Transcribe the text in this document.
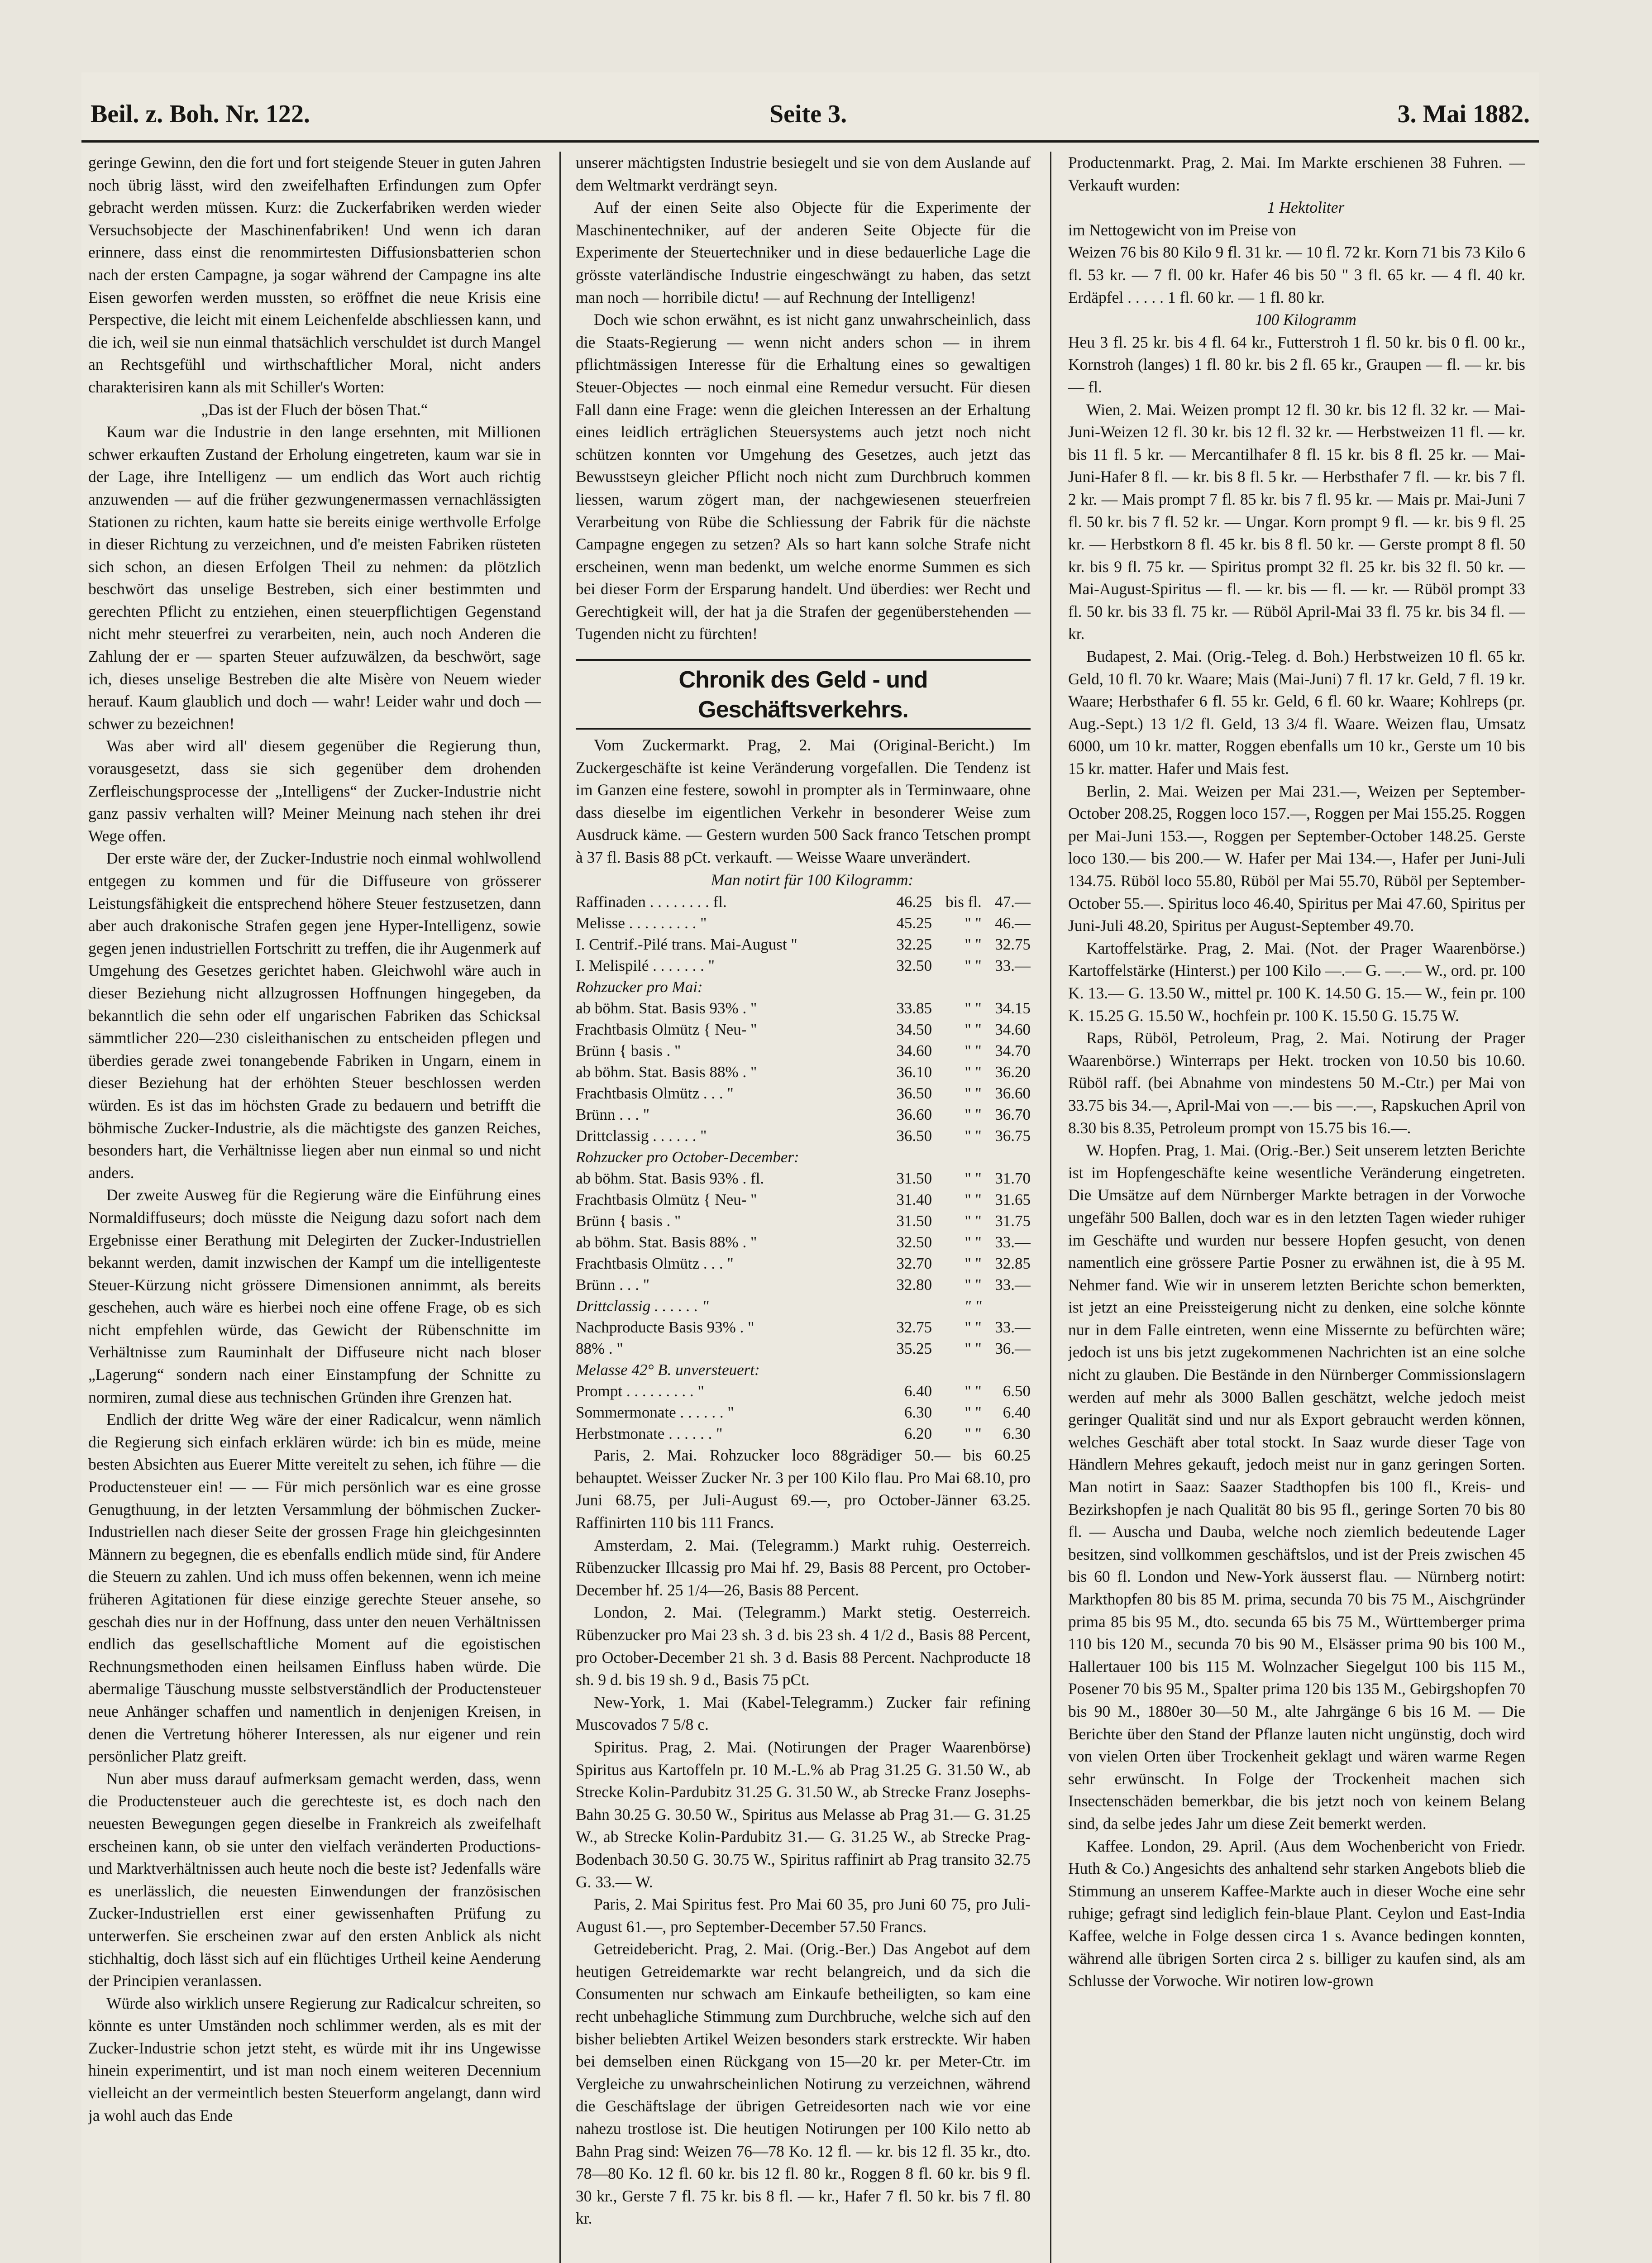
Beil. z. Boh. Nr. 122.	Seite 3.	3. Mai 1882.

geringe Gewinn, den die fort und fort steigende Steuer in guten Jahren noch übrig lässt, wird den zweifelhaften Erfindungen zum Opfer gebracht werden müssen. Kurz: die Zuckerfabriken werden wieder Versuchsobjecte der Maschinenfabriken! Und wenn ich daran erinnere, dass einst die renommirtesten Diffusionsbatterien schon nach der ersten Campagne, ja sogar während der Campagne ins alte Eisen geworfen werden mussten, so eröffnet die neue Krisis eine Perspective, die leicht mit einem Leichenfelde abschliessen kann, und die ich, weil sie nun einmal thatsächlich verschuldet ist durch Mangel an Rechtsgefühl und wirthschaftlicher Moral, nicht anders charakterisiren kann als mit Schiller's Worten:

„Das ist der Fluch der bösen That.“

Kaum war die Industrie in den lange ersehnten, mit Millionen schwer erkauften Zustand der Erholung eingetreten, kaum war sie in der Lage, ihre Intelligenz — um endlich das Wort auch richtig anzuwenden — auf die früher gezwungenermassen vernachlässigten Stationen zu richten, kaum hatte sie bereits einige werthvolle Erfolge in dieser Richtung zu verzeichnen, und d'e meisten Fabriken rüsteten sich schon, an diesen Erfolgen Theil zu nehmen: da plötzlich beschwört das unselige Bestreben, sich einer bestimmten und gerechten Pflicht zu entziehen, einen steuerpflichtigen Gegenstand nicht mehr steuerfrei zu verarbeiten, nein, auch noch Anderen die Zahlung der er — sparten Steuer aufzuwälzen, da beschwört, sage ich, dieses unselige Bestreben die alte Misère von Neuem wieder herauf. Kaum glaublich und doch — wahr! Leider wahr und doch — schwer zu bezeichnen!

Was aber wird all' diesem gegenüber die Regierung thun, vorausgesetzt, dass sie sich gegenüber dem drohenden Zerfleischungsprocesse der „Intelligens“ der Zucker-Industrie nicht ganz passiv verhalten will? Meiner Meinung nach stehen ihr drei Wege offen.

Der erste wäre der, der Zucker-Industrie noch einmal wohlwollend entgegen zu kommen und für die Diffuseure von grösserer Leistungsfähigkeit die entsprechend höhere Steuer festzusetzen, dann aber auch drakonische Strafen gegen jene Hyper-Intelligenz, sowie gegen jenen industriellen Fortschritt zu treffen, die ihr Augenmerk auf Umgehung des Gesetzes gerichtet haben. Gleichwohl wäre auch in dieser Beziehung nicht allzugrossen Hoffnungen hingegeben, da bekanntlich die sehn oder elf ungarischen Fabriken das Schicksal sämmtlicher 220—230 cisleithanischen zu entscheiden pflegen und überdies gerade zwei tonangebende Fabriken in Ungarn, einem in dieser Beziehung hat der erhöhten Steuer beschlossen werden würden. Es ist das im höchsten Grade zu bedauern und betrifft die böhmische Zucker-Industrie, als die mächtigste des ganzen Reiches, besonders hart, die Verhältnisse liegen aber nun einmal so und nicht anders.

Der zweite Ausweg für die Regierung wäre die Einführung eines Normaldiffuseurs; doch müsste die Neigung dazu sofort nach dem Ergebnisse einer Berathung mit Delegirten der Zucker-Industriellen bekannt werden, damit inzwischen der Kampf um die intelligenteste Steuer-Kürzung nicht grössere Dimensionen annimmt, als bereits geschehen, auch wäre es hierbei noch eine offene Frage, ob es sich nicht empfehlen würde, das Gewicht der Rübenschnitte im Verhältnisse zum Rauminhalt der Diffuseure nicht nach bloser „Lagerung“ sondern nach einer Einstampfung der Schnitte zu normiren, zumal diese aus technischen Gründen ihre Grenzen hat.

Endlich der dritte Weg wäre der einer Radicalcur, wenn nämlich die Regierung sich einfach erklären würde: ich bin es müde, meine besten Absichten aus Euerer Mitte vereitelt zu sehen, ich führe — die Productensteuer ein! — — Für mich persönlich war es eine grosse Genugthuung, in der letzten Versammlung der böhmischen Zucker-Industriellen nach dieser Seite der grossen Frage hin gleichgesinnten Männern zu begegnen, die es ebenfalls endlich müde sind, für Andere die Steuern zu zahlen. Und ich muss offen bekennen, wenn ich meine früheren Agitationen für diese einzige gerechte Steuer ansehe, so geschah dies nur in der Hoffnung, dass unter den neuen Verhältnissen endlich das gesellschaftliche Moment auf die egoistischen Rechnungsmethoden einen heilsamen Einfluss haben würde. Die abermalige Täuschung musste selbstverständlich der Productensteuer neue Anhänger schaffen und namentlich in denjenigen Kreisen, in denen die Vertretung höherer Interessen, als nur eigener und rein persönlicher Platz greift.

Nun aber muss darauf aufmerksam gemacht werden, dass, wenn die Productensteuer auch die gerechteste ist, es doch nach den neuesten Bewegungen gegen dieselbe in Frankreich als zweifelhaft erscheinen kann, ob sie unter den vielfach veränderten Productions- und Marktverhältnissen auch heute noch die beste ist? Jedenfalls wäre es unerlässlich, die neuesten Einwendungen der französischen Zucker-Industriellen erst einer gewissenhaften Prüfung zu unterwerfen. Sie erscheinen zwar auf den ersten Anblick als nicht stichhaltig, doch lässt sich auf ein flüchtiges Urtheil keine Aenderung der Principien veranlassen.

Würde also wirklich unsere Regierung zur Radicalcur schreiten, so könnte es unter Umständen noch schlimmer werden, als es mit der Zucker-Industrie schon jetzt steht, es würde mit ihr ins Ungewisse hinein experimentirt, und ist man noch einem weiteren Decennium vielleicht an der vermeintlich besten Steuerform angelangt, dann wird ja wohl auch das Ende

unserer mächtigsten Industrie besiegelt und sie von dem Auslande auf dem Weltmarkt verdrängt seyn.

Auf der einen Seite also Objecte für die Experimente der Maschinentechniker, auf der anderen Seite Objecte für die Experimente der Steuertechniker und in diese bedauerliche Lage die grösste vaterländische Industrie eingeschwängt zu haben, das setzt man noch — horribile dictu! — auf Rechnung der Intelligenz!

Doch wie schon erwähnt, es ist nicht ganz unwahrscheinlich, dass die Staats-Regierung — wenn nicht anders schon — in ihrem pflichtmässigen Interesse für die Erhaltung eines so gewaltigen Steuer-Objectes — noch einmal eine Remedur versucht. Für diesen Fall dann eine Frage: wenn die gleichen Interessen an der Erhaltung eines leidlich erträglichen Steuersystems auch jetzt noch nicht schützen konnten vor Umgehung des Gesetzes, auch jetzt das Bewusstseyn gleicher Pflicht noch nicht zum Durchbruch kommen liessen, warum zögert man, der nachgewiesenen steuerfreien Verarbeitung von Rübe die Schliessung der Fabrik für die nächste Campagne engegen zu setzen? Als so hart kann solche Strafe nicht erscheinen, wenn man bedenkt, um welche enorme Summen es sich bei dieser Form der Ersparung handelt. Und überdies: wer Recht und Gerechtigkeit will, der hat ja die Strafen der gegenüberstehenden — Tugenden nicht zu fürchten!

Chronik des Geld - und Geschäftsverkehrs.

Vom Zuckermarkt. Prag, 2. Mai (Original-Bericht.) Im Zuckergeschäfte ist keine Veränderung vorgefallen. Die Tendenz ist im Ganzen eine festere, sowohl in prompter als in Terminwaare, ohne dass dieselbe im eigentlichen Verkehr in besonderer Weise zum Ausdruck käme. — Gestern wurden 500 Sack franco Tetschen prompt à 37 fl. Basis 88 pCt. verkauft. — Weisse Waare unverändert.

Man notirt für 100 Kilogramm:

Raffinaden . . . . . . . . fl.	46.25	bis fl.	47.—
Melisse . . . . . . . . . "	45.25	" "	46.—
I. Centrif.-Pilé trans. Mai-August "	32.25	" "	32.75
I. Melispilé . . . . . . . "	32.50	" "	33.—
Rohzucker pro Mai:			
ab böhm. Stat. Basis 93% . "	33.85	" "	34.15
Frachtbasis Olmütz { Neu- "	34.50	" "	34.60
Brünn { basis . "	34.60	" "	34.70
ab böhm. Stat. Basis 88% . "	36.10	" "	36.20
Frachtbasis Olmütz . . . "	36.50	" "	36.60
Brünn . . . "	36.60	" "	36.70
Drittclassig . . . . . . "	36.50	" "	36.75
Rohzucker pro October-December:			
ab böhm. Stat. Basis 93% . fl.	31.50	" "	31.70
Frachtbasis Olmütz { Neu- "	31.40	" "	31.65
Brünn { basis . "	31.50	" "	31.75
ab böhm. Stat. Basis 88% . "	32.50	" "	33.—
Frachtbasis Olmütz . . . "	32.70	" "	32.85
Brünn . . . "	32.80	" "	33.—
Drittclassig . . . . . . "		" "	
Nachproducte Basis 93% . "	32.75	" "	33.—
88% . "	35.25	" "	36.—
Melasse 42° B. unversteuert:			
Prompt . . . . . . . . . "	6.40	" "	6.50
Sommermonate . . . . . . "	6.30	" "	6.40
Herbstmonate . . . . . . "	6.20	" "	6.30

Paris, 2. Mai. Rohzucker loco 88grädiger 50.— bis 60.25 behauptet. Weisser Zucker Nr. 3 per 100 Kilo flau. Pro Mai 68.10, pro Juni 68.75, per Juli-August 69.—, pro October-Jänner 63.25. Raffinirten 110 bis 111 Francs.

Amsterdam, 2. Mai. (Telegramm.) Markt ruhig. Oesterreich. Rübenzucker Illcassig pro Mai hf. 29, Basis 88 Percent, pro October-December hf. 25 1/4—26, Basis 88 Percent.

London, 2. Mai. (Telegramm.) Markt stetig. Oesterreich. Rübenzucker pro Mai 23 sh. 3 d. bis 23 sh. 4 1/2 d., Basis 88 Percent, pro October-December 21 sh. 3 d. Basis 88 Percent. Nachproducte 18 sh. 9 d. bis 19 sh. 9 d., Basis 75 pCt.

New-York, 1. Mai (Kabel-Telegramm.) Zucker fair refining Muscovados 7 5/8 c.

Spiritus. Prag, 2. Mai. (Notirungen der Prager Waarenbörse) Spiritus aus Kartoffeln pr. 10 M.-L.% ab Prag 31.25 G. 31.50 W., ab Strecke Kolin-Pardubitz 31.25 G. 31.50 W., ab Strecke Franz Josephs-Bahn 30.25 G. 30.50 W., Spiritus aus Melasse ab Prag 31.— G. 31.25 W., ab Strecke Kolin-Pardubitz 31.— G. 31.25 W., ab Strecke Prag-Bodenbach 30.50 G. 30.75 W., Spiritus raffinirt ab Prag transito 32.75 G. 33.— W.

Paris, 2. Mai Spiritus fest. Pro Mai 60 35, pro Juni 60 75, pro Juli-August 61.—, pro September-December 57.50 Francs.

Getreidebericht. Prag, 2. Mai. (Orig.-Ber.) Das Angebot auf dem heutigen Getreidemarkte war recht belangreich, und da sich die Consumenten nur schwach am Einkaufe betheiligten, so kam eine recht unbehagliche Stimmung zum Durchbruche, welche sich auf den bisher beliebten Artikel Weizen besonders stark erstreckte. Wir haben bei demselben einen Rückgang von 15—20 kr. per Meter-Ctr. im Vergleiche zu unwahrscheinlichen Notirung zu verzeichnen, während die Geschäftslage der übrigen Getreidesorten nach wie vor eine nahezu trostlose ist. Die heutigen Notirungen per 100 Kilo netto ab Bahn Prag sind: Weizen 76—78 Ko. 12 fl. — kr. bis 12 fl. 35 kr., dto. 78—80 Ko. 12 fl. 60 kr. bis 12 fl. 80 kr., Roggen 8 fl. 60 kr. bis 9 fl. 30 kr., Gerste 7 fl. 75 kr. bis 8 fl. — kr., Hafer 7 fl. 50 kr. bis 7 fl. 80 kr.

Productenmarkt. Prag, 2. Mai. Im Markte erschienen 38 Fuhren. — Verkauft wurden:

1 Hektoliter

im Nettogewicht von im Preise von

Weizen 76 bis 80 Kilo 9 fl. 31 kr. — 10 fl. 72 kr. Korn 71 bis 73 Kilo 6 fl. 53 kr. — 7 fl. 00 kr. Hafer 46 bis 50 " 3 fl. 65 kr. — 4 fl. 40 kr. Erdäpfel . . . . . 1 fl. 60 kr. — 1 fl. 80 kr.

100 Kilogramm

Heu 3 fl. 25 kr. bis 4 fl. 64 kr., Futterstroh 1 fl. 50 kr. bis 0 fl. 00 kr., Kornstroh (langes) 1 fl. 80 kr. bis 2 fl. 65 kr., Graupen — fl. — kr. bis — fl.

Wien, 2. Mai. Weizen prompt 12 fl. 30 kr. bis 12 fl. 32 kr. — Mai-Juni-Weizen 12 fl. 30 kr. bis 12 fl. 32 kr. — Herbstweizen 11 fl. — kr. bis 11 fl. 5 kr. — Mercantilhafer 8 fl. 15 kr. bis 8 fl. 25 kr. — Mai-Juni-Hafer 8 fl. — kr. bis 8 fl. 5 kr. — Herbsthafer 7 fl. — kr. bis 7 fl. 2 kr. — Mais prompt 7 fl. 85 kr. bis 7 fl. 95 kr. — Mais pr. Mai-Juni 7 fl. 50 kr. bis 7 fl. 52 kr. — Ungar. Korn prompt 9 fl. — kr. bis 9 fl. 25 kr. — Herbstkorn 8 fl. 45 kr. bis 8 fl. 50 kr. — Gerste prompt 8 fl. 50 kr. bis 9 fl. 75 kr. — Spiritus prompt 32 fl. 25 kr. bis 32 fl. 50 kr. — Mai-August-Spiritus — fl. — kr. bis — fl. — kr. — Rüböl prompt 33 fl. 50 kr. bis 33 fl. 75 kr. — Rüböl April-Mai 33 fl. 75 kr. bis 34 fl. — kr.

Budapest, 2. Mai. (Orig.-Teleg. d. Boh.) Herbstweizen 10 fl. 65 kr. Geld, 10 fl. 70 kr. Waare; Mais (Mai-Juni) 7 fl. 17 kr. Geld, 7 fl. 19 kr. Waare; Herbsthafer 6 fl. 55 kr. Geld, 6 fl. 60 kr. Waare; Kohlreps (pr. Aug.-Sept.) 13 1/2 fl. Geld, 13 3/4 fl. Waare. Weizen flau, Umsatz 6000, um 10 kr. matter, Roggen ebenfalls um 10 kr., Gerste um 10 bis 15 kr. matter. Hafer und Mais fest.

Berlin, 2. Mai. Weizen per Mai 231.—, Weizen per September-October 208.25, Roggen loco 157.—, Roggen per Mai 155.25. Roggen per Mai-Juni 153.—, Roggen per September-October 148.25. Gerste loco 130.— bis 200.— W. Hafer per Mai 134.—, Hafer per Juni-Juli 134.75. Rüböl loco 55.80, Rüböl per Mai 55.70, Rüböl per September-October 55.—. Spiritus loco 46.40, Spiritus per Mai 47.60, Spiritus per Juni-Juli 48.20, Spiritus per August-September 49.70.

Kartoffelstärke. Prag, 2. Mai. (Not. der Prager Waarenbörse.) Kartoffelstärke (Hinterst.) per 100 Kilo —.— G. —.— W., ord. pr. 100 K. 13.— G. 13.50 W., mittel pr. 100 K. 14.50 G. 15.— W., fein pr. 100 K. 15.25 G. 15.50 W., hochfein pr. 100 K. 15.50 G. 15.75 W.

Raps, Rüböl, Petroleum, Prag, 2. Mai. Notirung der Prager Waarenbörse.) Winterraps per Hekt. trocken von 10.50 bis 10.60. Rüböl raff. (bei Abnahme von mindestens 50 M.-Ctr.) per Mai von 33.75 bis 34.—, April-Mai von —.— bis —.—, Rapskuchen April von 8.30 bis 8.35, Petroleum prompt von 15.75 bis 16.—.

W. Hopfen. Prag, 1. Mai. (Orig.-Ber.) Seit unserem letzten Berichte ist im Hopfengeschäfte keine wesentliche Veränderung eingetreten. Die Umsätze auf dem Nürnberger Markte betragen in der Vorwoche ungefähr 500 Ballen, doch war es in den letzten Tagen wieder ruhiger im Geschäfte und wurden nur bessere Hopfen gesucht, von denen namentlich eine grössere Partie Posner zu erwähnen ist, die à 95 M. Nehmer fand. Wie wir in unserem letzten Berichte schon bemerkten, ist jetzt an eine Preissteigerung nicht zu denken, eine solche könnte nur in dem Falle eintreten, wenn eine Missernte zu befürchten wäre; jedoch ist uns bis jetzt zugekommenen Nachrichten ist an eine solche nicht zu glauben. Die Bestände in den Nürnberger Commissionslagern werden auf mehr als 3000 Ballen geschätzt, welche jedoch meist geringer Qualität sind und nur als Export gebraucht werden können, welches Geschäft aber total stockt. In Saaz wurde dieser Tage von Händlern Mehres gekauft, jedoch meist nur in ganz geringen Sorten. Man notirt in Saaz: Saazer Stadthopfen bis 100 fl., Kreis- und Bezirkshopfen je nach Qualität 80 bis 95 fl., geringe Sorten 70 bis 80 fl. — Auscha und Dauba, welche noch ziemlich bedeutende Lager besitzen, sind vollkommen geschäftslos, und ist der Preis zwischen 45 bis 60 fl. London und New-York äusserst flau. — Nürnberg notirt: Markthopfen 80 bis 85 M. prima, secunda 70 bis 75 M., Aischgründer prima 85 bis 95 M., dto. secunda 65 bis 75 M., Württemberger prima 110 bis 120 M., secunda 70 bis 90 M., Elsässer prima 90 bis 100 M., Hallertauer 100 bis 115 M. Wolnzacher Siegelgut 100 bis 115 M., Posener 70 bis 95 M., Spalter prima 120 bis 135 M., Gebirgshopfen 70 bis 90 M., 1880er 30—50 M., alte Jahrgänge 6 bis 16 M. — Die Berichte über den Stand der Pflanze lauten nicht ungünstig, doch wird von vielen Orten über Trockenheit geklagt und wären warme Regen sehr erwünscht. In Folge der Trockenheit machen sich Insectenschäden bemerkbar, die bis jetzt noch von keinem Belang sind, da selbe jedes Jahr um diese Zeit bemerkt werden.

Kaffee. London, 29. April. (Aus dem Wochenbericht von Friedr. Huth & Co.) Angesichts des anhaltend sehr starken Angebots blieb die Stimmung an unserem Kaffee-Markte auch in dieser Woche eine sehr ruhige; gefragt sind lediglich fein-blaue Plant. Ceylon und East-India Kaffee, welche in Folge dessen circa 1 s. Avance bedingen konnten, während alle übrigen Sorten circa 2 s. billiger zu kaufen sind, als am Schlusse der Vorwoche. Wir notiren low-grown
